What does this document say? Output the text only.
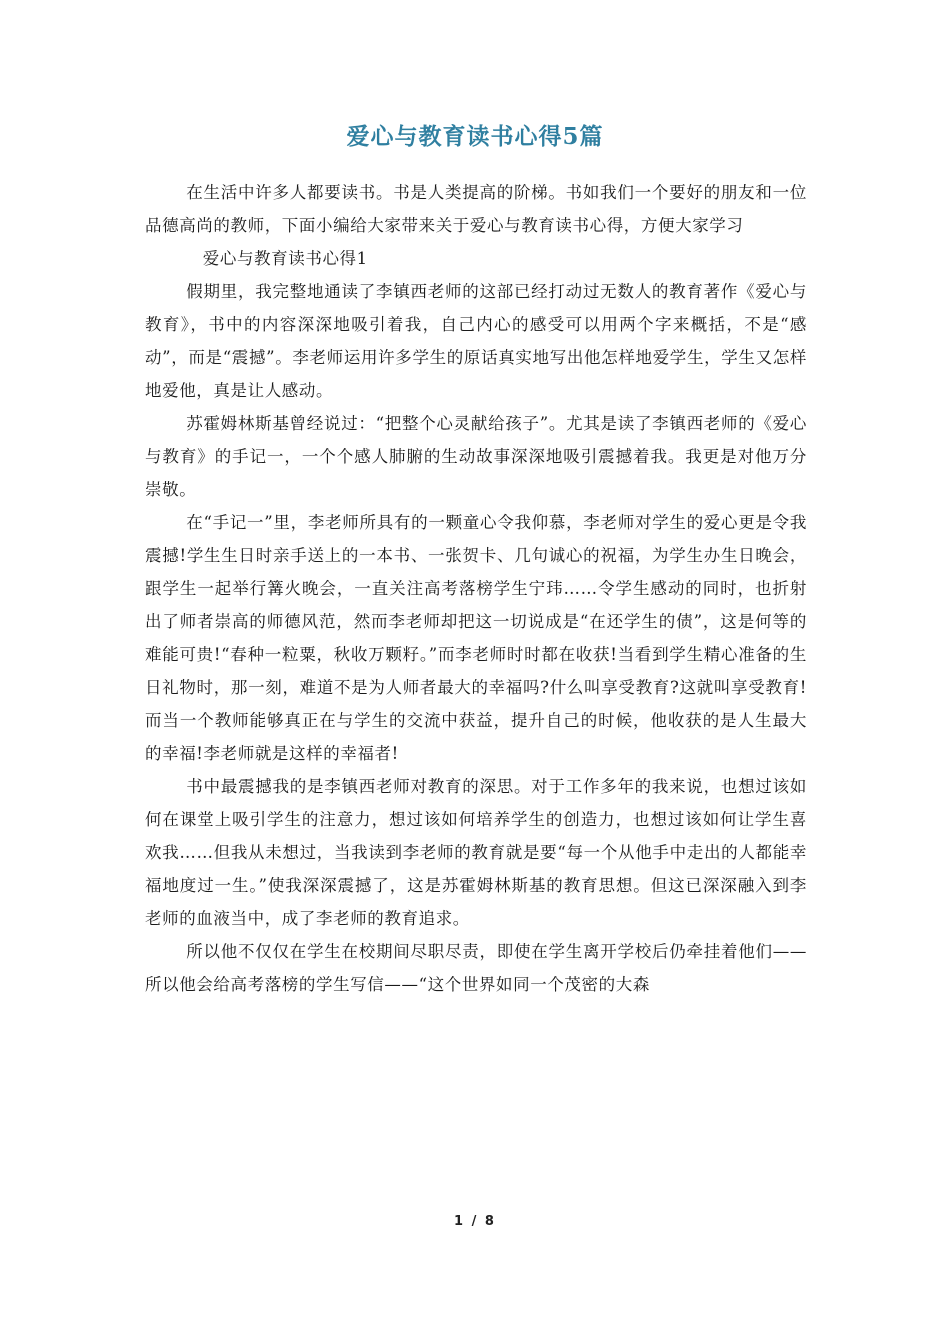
爱心与教育读书心得5篇

在生活中许多人都要读书。书是人类提高的阶梯。书如我们一个要好的朋友和一位品德高尚的教师，下面小编给大家带来关于爱心与教育读书心得，方便大家学习

爱心与教育读书心得1

假期里，我完整地通读了李镇西老师的这部已经打动过无数人的教育著作《爱心与教育》，书中的内容深深地吸引着我，自己内心的感受可以用两个字来概括，不是“感动”，而是“震撼”。李老师运用许多学生的原话真实地写出他怎样地爱学生，学生又怎样地爱他，真是让人感动。

苏霍姆林斯基曾经说过：“把整个心灵献给孩子”。尤其是读了李镇西老师的《爱心与教育》的手记一，一个个感人肺腑的生动故事深深地吸引震撼着我。我更是对他万分崇敬。

在“手记一”里，李老师所具有的一颗童心令我仰慕，李老师对学生的爱心更是令我震撼!学生生日时亲手送上的一本书、一张贺卡、几句诚心的祝福，为学生办生日晚会，跟学生一起举行篝火晚会，一直关注高考落榜学生宁玮……令学生感动的同时，也折射出了师者崇高的师德风范，然而李老师却把这一切说成是“在还学生的债”，这是何等的难能可贵!“春种一粒粟，秋收万颗籽。”而李老师时时都在收获!当看到学生精心准备的生日礼物时，那一刻，难道不是为人师者最大的幸福吗?什么叫享受教育?这就叫享受教育!而当一个教师能够真正在与学生的交流中获益，提升自己的时候，他收获的是人生最大的幸福!李老师就是这样的幸福者!

书中最震撼我的是李镇西老师对教育的深思。对于工作多年的我来说，也想过该如何在课堂上吸引学生的注意力，想过该如何培养学生的创造力，也想过该如何让学生喜欢我……但我从未想过，当我读到李老师的教育就是要“每一个从他手中走出的人都能幸福地度过一生。”使我深深震撼了，这是苏霍姆林斯基的教育思想。但这已深深融入到李老师的血液当中，成了李老师的教育追求。

所以他不仅仅在学生在校期间尽职尽责，即使在学生离开学校后仍牵挂着他们——所以他会给高考落榜的学生写信——“这个世界如同一个茂密的大森

1 / 8
